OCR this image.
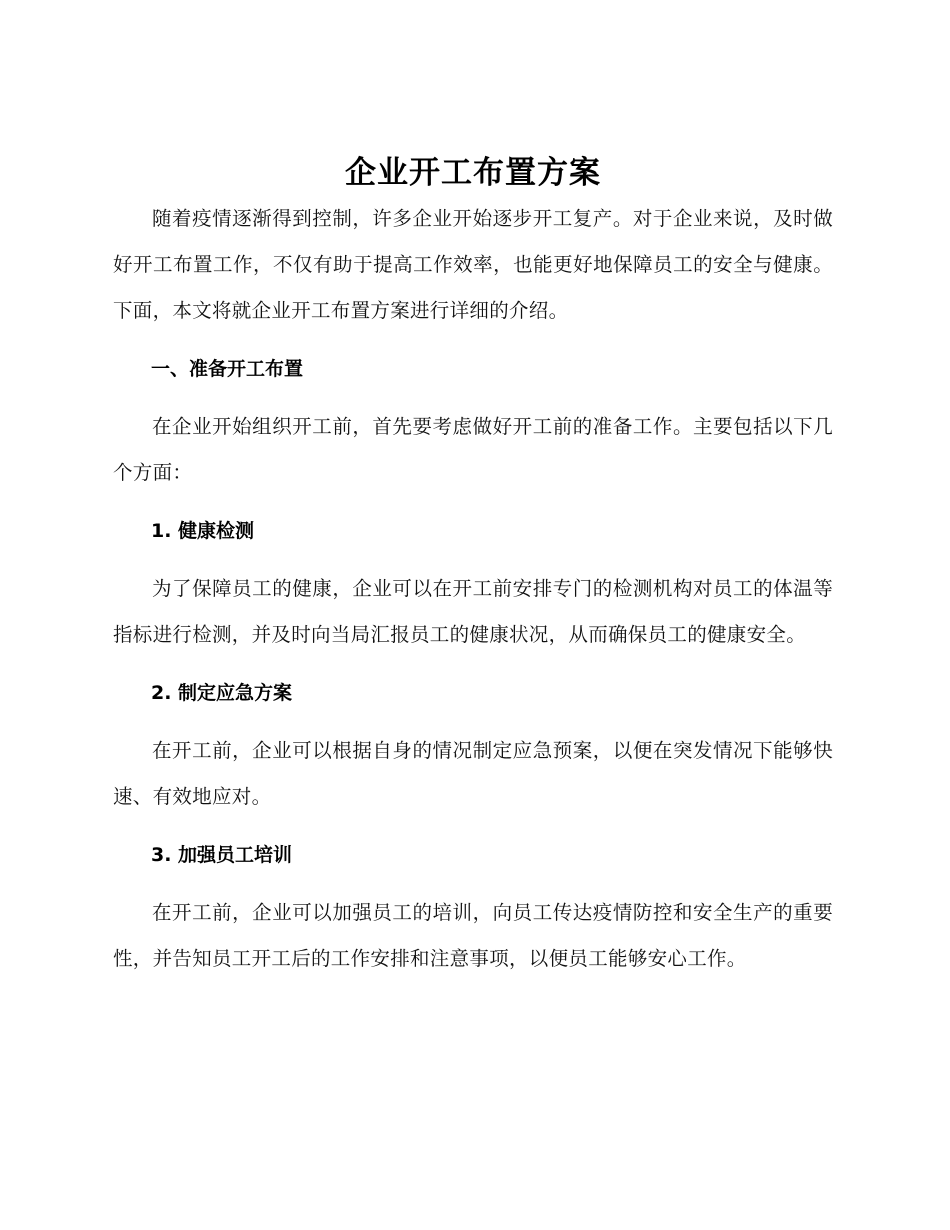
企业开工布置方案

随着疫情逐渐得到控制，许多企业开始逐步开工复产。对于企业来说，及时做好开工布置工作，不仅有助于提高工作效率，也能更好地保障员工的安全与健康。下面，本文将就企业开工布置方案进行详细的介绍。

一、准备开工布置

在企业开始组织开工前，首先要考虑做好开工前的准备工作。主要包括以下几个方面：

1. 健康检测

为了保障员工的健康，企业可以在开工前安排专门的检测机构对员工的体温等指标进行检测，并及时向当局汇报员工的健康状况，从而确保员工的健康安全。

2. 制定应急方案

在开工前，企业可以根据自身的情况制定应急预案，以便在突发情况下能够快速、有效地应对。

3. 加强员工培训

在开工前，企业可以加强员工的培训，向员工传达疫情防控和安全生产的重要性，并告知员工开工后的工作安排和注意事项，以便员工能够安心工作。
